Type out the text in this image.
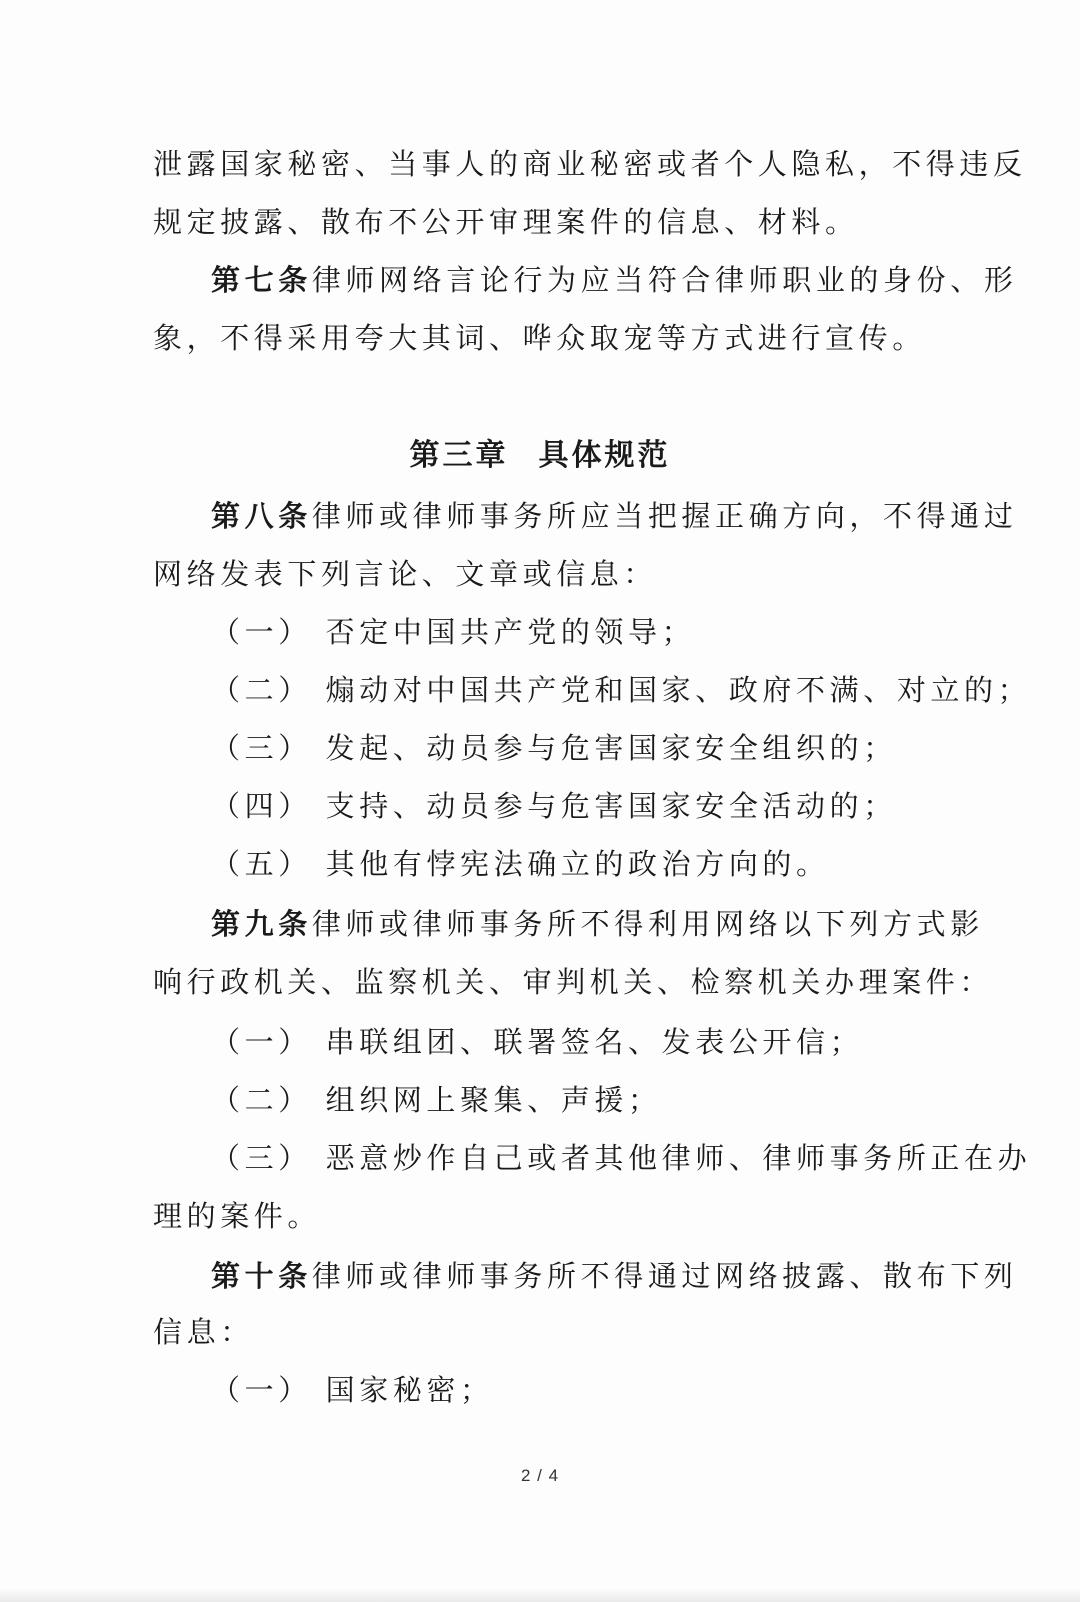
泄露国家秘密、当事人的商业秘密或者个人隐私，不得违反
规定披露、散布不公开审理案件的信息、材料。
第七条律师网络言论行为应当符合律师职业的身份、形
象，不得采用夸大其词、哗众取宠等方式进行宣传。
第三章 具体规范
第八条律师或律师事务所应当把握正确方向，不得通过
网络发表下列言论、文章或信息：
（一） 否定中国共产党的领导；
（二） 煽动对中国共产党和国家、政府不满、对立的；
（三） 发起、动员参与危害国家安全组织的；
（四） 支持、动员参与危害国家安全活动的；
（五） 其他有悖宪法确立的政治方向的。
第九条律师或律师事务所不得利用网络以下列方式影
响行政机关、监察机关、审判机关、检察机关办理案件：
（一） 串联组团、联署签名、发表公开信；
（二） 组织网上聚集、声援；
（三） 恶意炒作自己或者其他律师、律师事务所正在办
理的案件。
第十条律师或律师事务所不得通过网络披露、散布下列
信息：
（一） 国家秘密；
2 / 4
